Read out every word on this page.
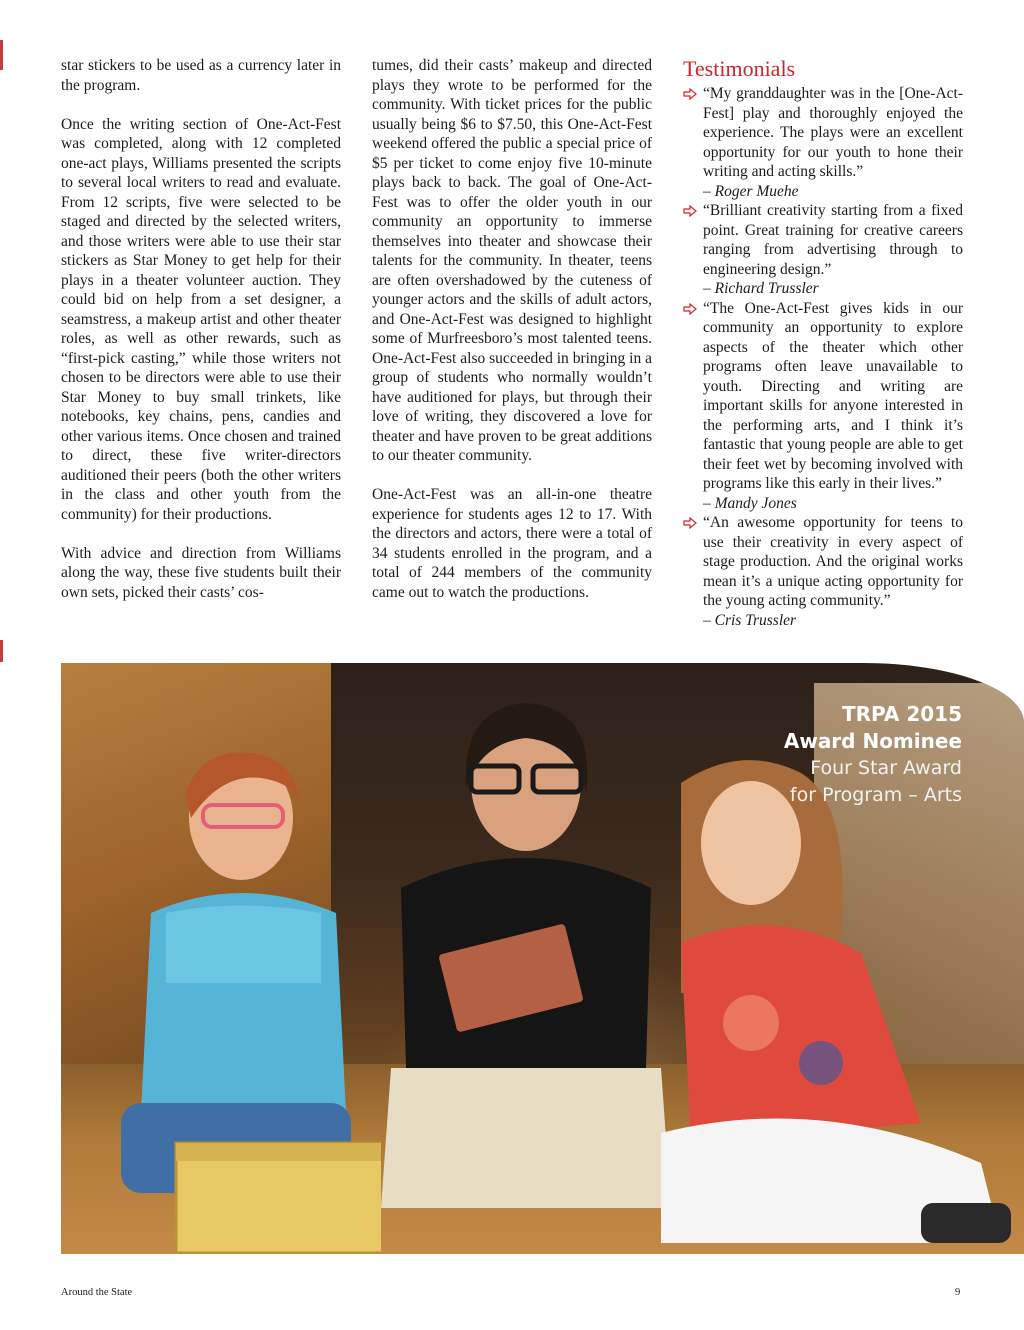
star stickers to be used as a currency later in the program.

Once the writing section of One-Act-Fest was completed, along with 12 completed one-act plays, Williams presented the scripts to several local writers to read and evaluate. From 12 scripts, five were selected to be staged and directed by the selected writers, and those writers were able to use their star stickers as Star Money to get help for their plays in a theater volunteer auction. They could bid on help from a set designer, a seamstress, a makeup artist and other theater roles, as well as other rewards, such as “first-pick casting,” while those writers not chosen to be directors were able to use their Star Money to buy small trinkets, like notebooks, key chains, pens, candies and other various items. Once chosen and trained to direct, these five writer-directors auditioned their peers (both the other writers in the class and other youth from the community) for their productions.

With advice and direction from Williams along the way, these five students built their own sets, picked their casts’ cos-

tumes, did their casts’ makeup and directed plays they wrote to be performed for the community. With ticket prices for the public usually being $6 to $7.50, this One-Act-Fest weekend offered the public a special price of $5 per ticket to come enjoy five 10-minute plays back to back. The goal of One-Act-Fest was to offer the older youth in our community an opportunity to immerse themselves into theater and showcase their talents for the community. In theater, teens are often overshadowed by the cuteness of younger actors and the skills of adult actors, and One-Act-Fest was designed to highlight some of Murfreesboro’s most talented teens. One-Act-Fest also succeeded in bringing in a group of students who normally wouldn’t have auditioned for plays, but through their love of writing, they discovered a love for theater and have proven to be great additions to our theater community.

One-Act-Fest was an all-in-one theatre experience for students ages 12 to 17. With the directors and actors, there were a total of 34 students enrolled in the program, and a total of 244 members of the community came out to watch the productions.

Testimonials
“My granddaughter was in the [One-Act-Fest] play and thoroughly enjoyed the experience. The plays were an excellent opportunity for our youth to hone their writing and acting skills.”
– Roger Muehe
“Brilliant creativity starting from a fixed point. Great training for creative careers ranging from advertising through to engineering design.”
– Richard Trussler
“The One-Act-Fest gives kids in our community an opportunity to explore aspects of the theater which other programs often leave unavailable to youth. Directing and writing are important skills for anyone interested in the performing arts, and I think it’s fantastic that young people are able to get their feet wet by becoming involved with programs like this early in their lives.”
– Mandy Jones
“An awesome opportunity for teens to use their creativity in every aspect of stage production. And the original works mean it’s a unique acting opportunity for the young acting community.”
– Cris Trussler
TRPA 2015
Award Nominee
Four Star Award
for Program – Arts
Around the State	9
